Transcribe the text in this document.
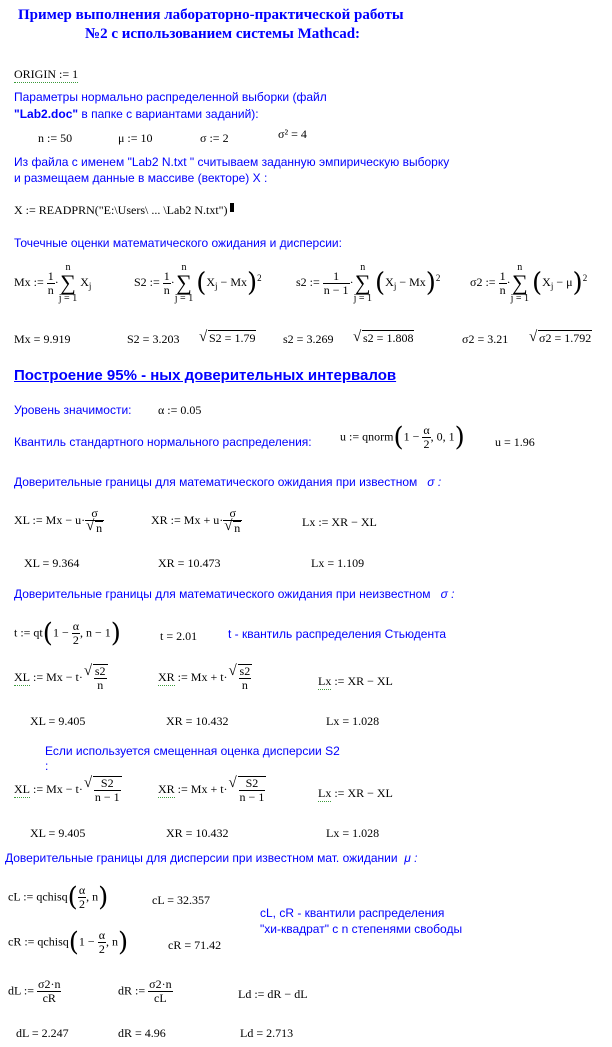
Пример выполнения лабораторно-практической работы
№2 с использованием системы Mathcad:
ORIGIN := 1
Параметры нормально распределенной выборки (файл
"Lab2.doc" в папке с вариантами заданий):
n := 50	μ := 10	σ := 2	σ² = 4
Из файла с именем "Lab2 N.txt " считываем заданную эмпирическую выборку
и размещаем данные в массиве (векторе) X :
X := READPRN("E:\Users\ ... \Lab2 N.txt")
Точечные оценки математического ожидания и дисперсии:
Mx := $\frac{1}{n}$ ·
n
∑
j = 1
$X_j$	S2 := $\frac{1}{n}$ ·
n
∑
j = 1
$(X_j - Mx)^2$	s2 := $\frac{1}{n - 1}$ ·
n
∑
j = 1
$(X_j - Mx)^2$ σ2 := $\frac{1}{n}$ ·
n
∑
j = 1
$(X_j - \mu)^2$
Mx = 9.919	S2 = 3.203	√ S2 = 1.79 s2 = 3.269	√ s2 = 1.808	σ2 = 3.21	√ σ2 = 1.792
Построение 95% - ных доверительных интервалов
Уровень значимости: α := 0.05
Квантиль стандартного нормального распределения: u := qnorm(1 − $\frac{\alpha}{2}$ , 0, 1)	u = 1.96
Доверительные границы для математического ожидания при известном σ :
XL := Mx − u· σ
√ n	XR := Mx + u· σ
√ n	Lx := XR − XL
XL = 9.364	XR = 10.473	Lx = 1.109
Доверительные границы для математического ожидания при неизвестном σ :
t := $qt(1 - \frac{\alpha}{2}$ , n − 1)	t = 2.01	t - квантиль распределения Стьюдента
XL := Mx − t· √ $\frac{s2}{n}$	XR := Mx + t· √ $\frac{s2}{n}$	Lx := XR − XL
XL = 9.405	XR = 10.432	Lx = 1.028
Если используется смещенная оценка дисперсии S2
:
XL := Mx − t· √ $\frac{S2}{n - 1}$	XR := Mx + t· √ $\frac{S2}{n - 1}$	Lx := XR − XL
XL = 9.405	XR = 10.432	Lx = 1.028
Доверительные границы для дисперсии при известном мат. ожидании μ :
cL := qchisq( $\frac{\alpha}{2}$ , n)	cL = 32.357
cL, cR - квантили распределения
"хи-квадрат" с n степенями свободы
cR := qchisq(1 − $\frac{\alpha}{2}$ , n)	cR = 71.42
dL := $\frac{\sigma 2\cdot n}{cR}$	dR := $\frac{\sigma 2\cdot n}{cL}$	Ld := dR − dL
dL = 2.247	dR = 4.96	Ld = 2.713
